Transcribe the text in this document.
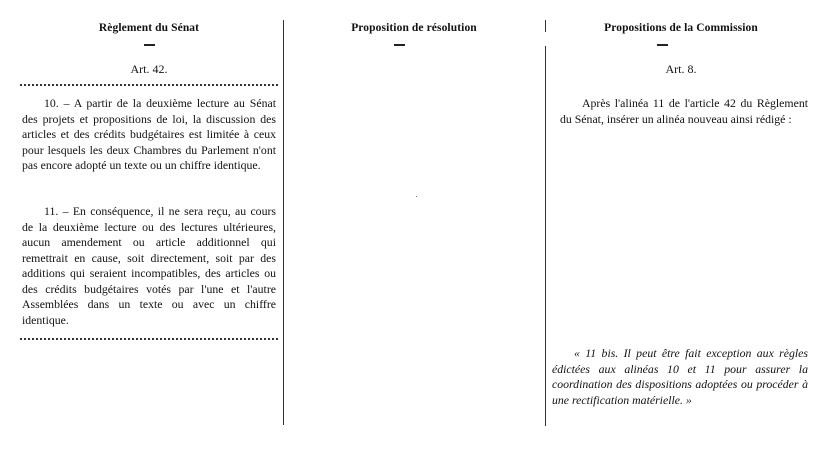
Règlement du Sénat
Art. 42.
10. – A partir de la deuxième lecture au Sénat des projets et propositions de loi, la discussion des articles et des crédits budgétaires est limitée à ceux pour lesquels les deux Chambres du Parlement n'ont pas encore adopté un texte ou un chiffre identique.
11. – En conséquence, il ne sera reçu, au cours de la deuxième lecture ou des lectures ultérieures, aucun amendement ou article additionnel qui remettrait en cause, soit directement, soit par des additions qui seraient incompatibles, des articles ou des crédits budgétaires votés par l'une et l'autre Assemblées dans un texte ou avec un chiffre identique.
Proposition de résolution	Propositions de la Commission
Art. 8.
Après l'alinéa 11 de l'article 42 du Règlement du Sénat, insérer un alinéa nouveau ainsi rédigé :
« 11 bis. Il peut être fait exception aux règles édictées aux alinéas 10 et 11 pour assurer la coordination des dispositions adoptées ou procéder à une rectification matérielle. »
